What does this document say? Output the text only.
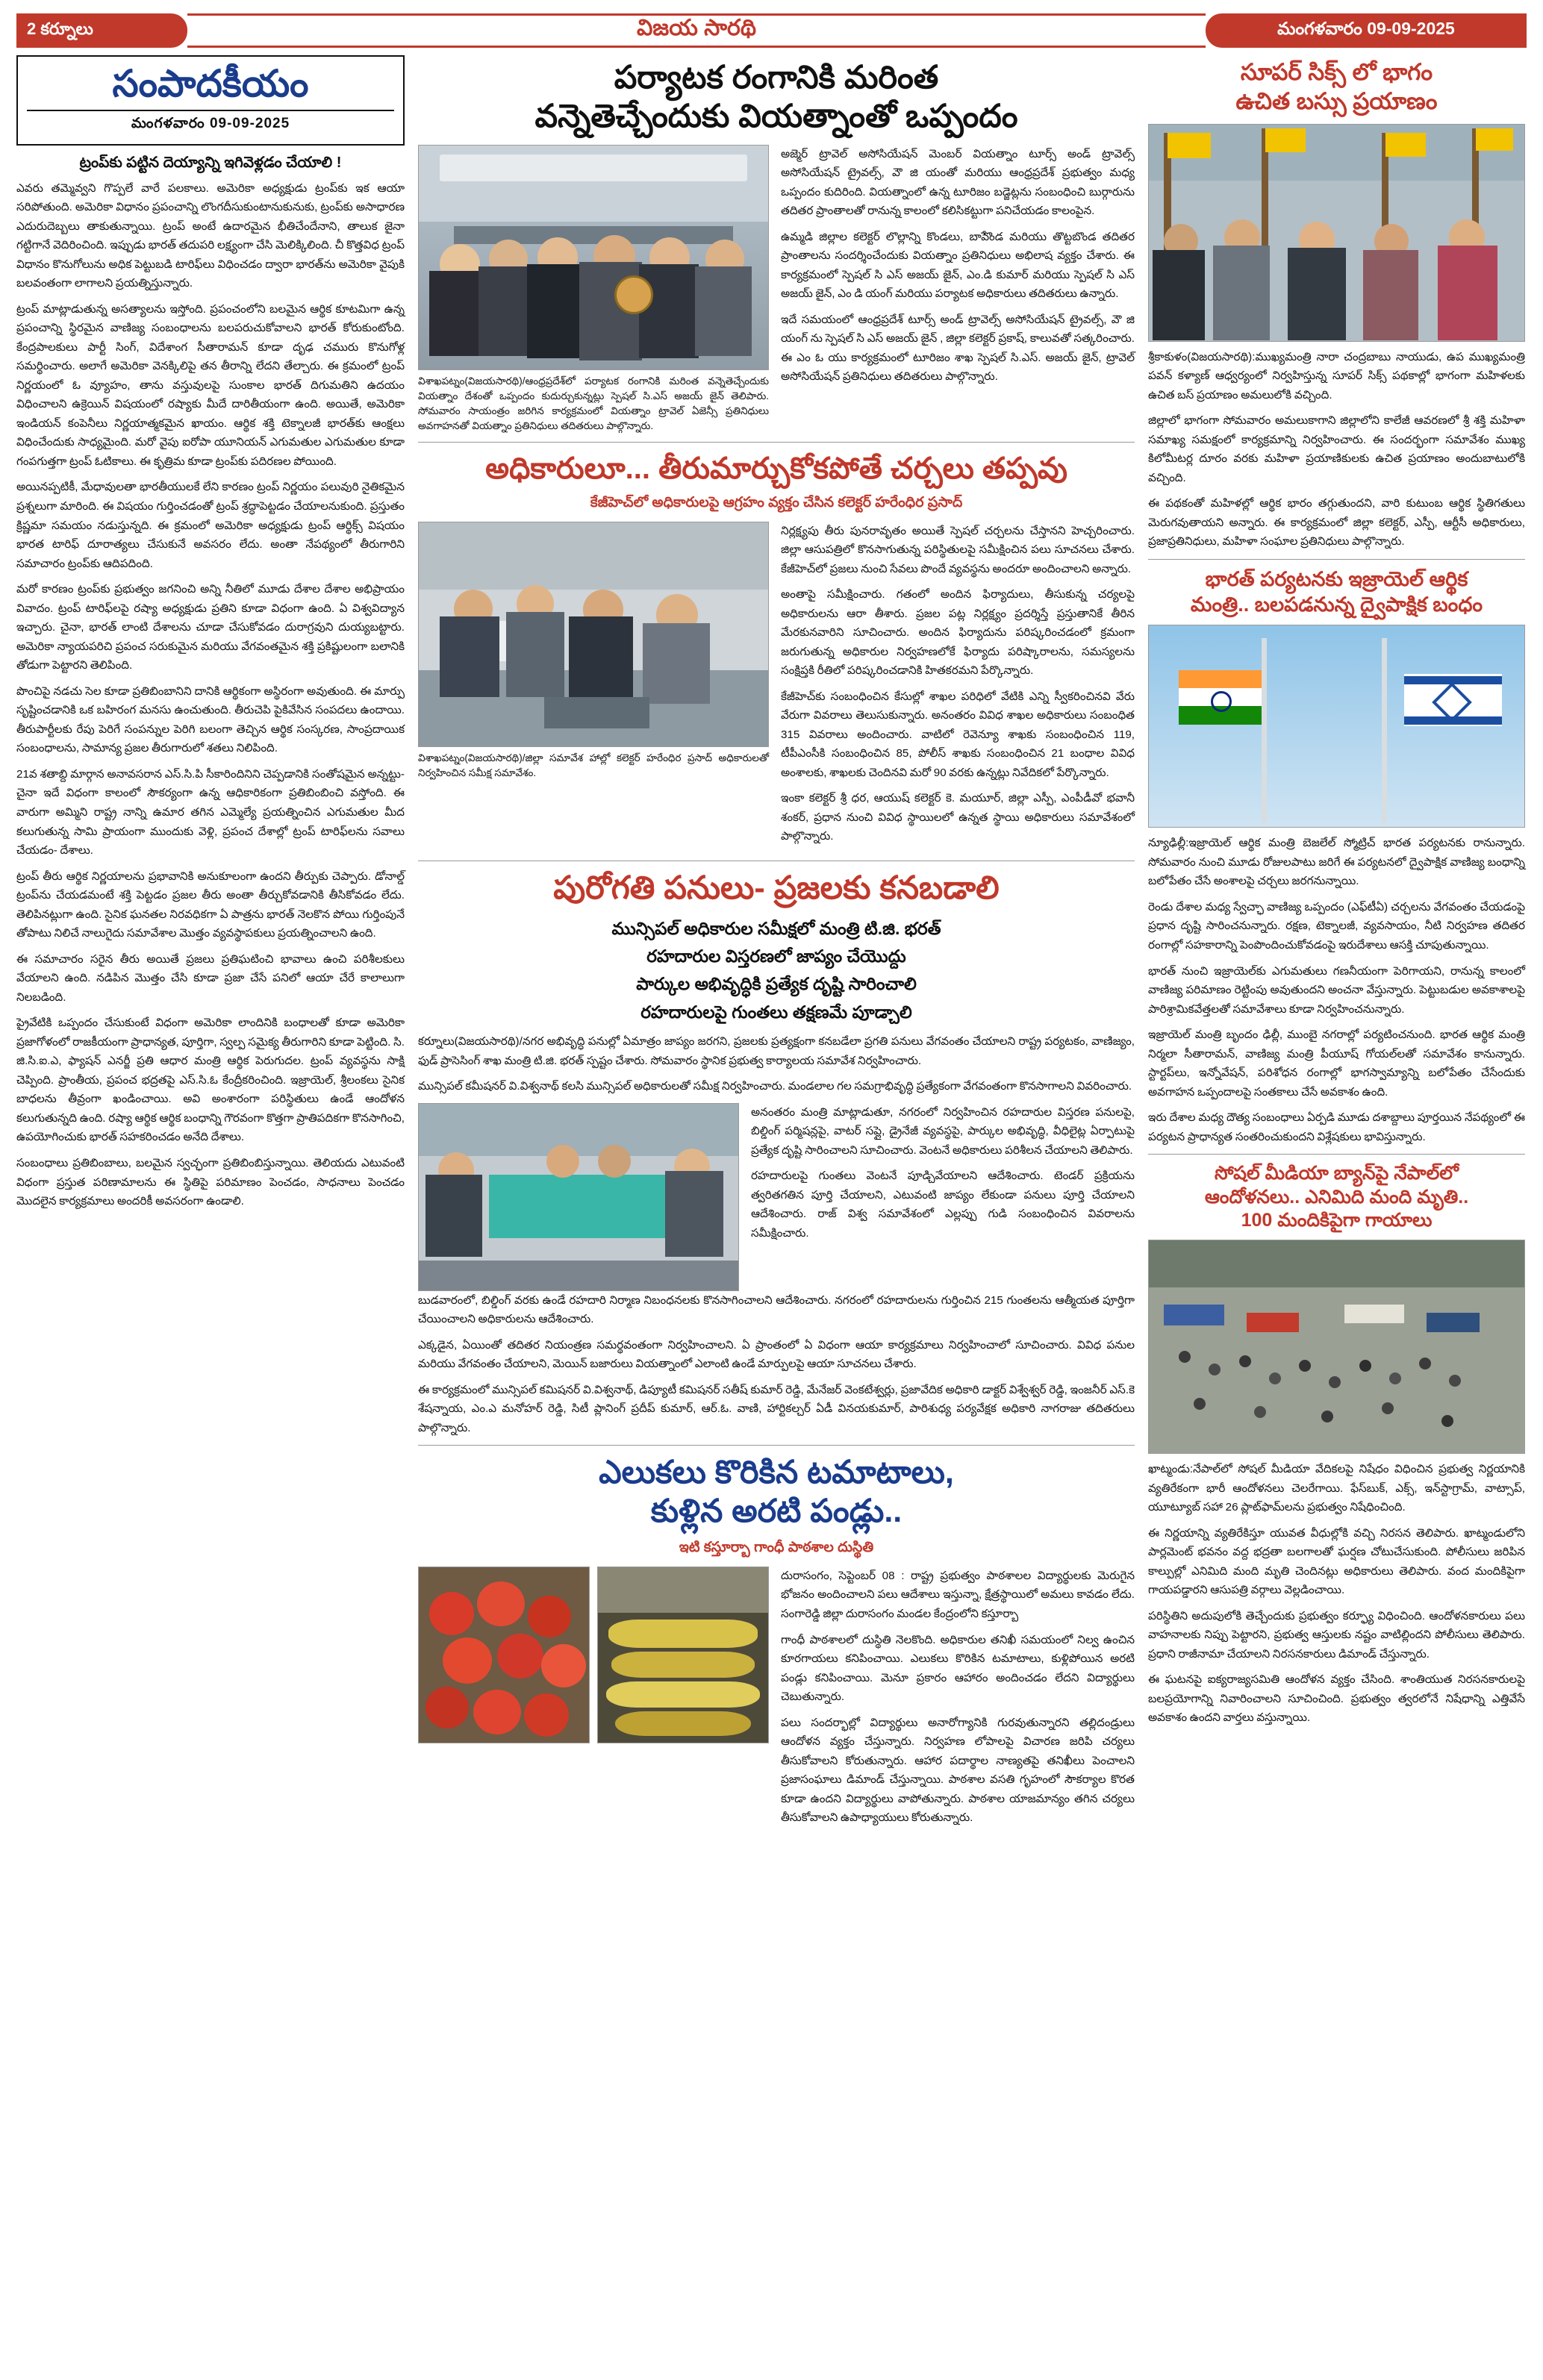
2 కర్నూలు	విజయ సారథి	మంగళవారం 09-09-2025
సంపాదకీయం
మంగళవారం 09-09-2025
ట్రంప్‌కు పట్టిన దెయ్యాన్ని ఇగివెళ్లడం చేయాలి !

ఎవరు తమ్మెవ్వని గొప్పలే వారే పలకాలు. అమెరికా అధ్యక్షుడు ట్రంప్‌కు ఇక ఆయా సరిపోతుంది. అమెరికా విధానం ప్రపంచాన్ని లొంగదీసుకుంటానుకునుకు, ట్రంప్‌కు అసాధారణ ఎదురుదెబ్బలు తాకుతున్నాయి. ట్రంప్ అంటే ఉదారమైన భీతిచేందేనాని, తాలుక జైనా గట్టిగానే వెదిరించింది. ఇప్పుడు భారత్ తదుపరి లక్ష్యంగా చేసి మెలిక్కిలింది. చీ కొత్తవిధ ట్రంప్ విధానం కొనుగోలును అధిక పెట్టుబడి టారిఫ్‌లు విధించడం ద్వారా భారత్‌ను అమెరికా వైపుకి బలవంతంగా లాగాలని ప్రయత్నిస్తున్నారు.

ట్రంప్ మాట్లాడుతున్న అసత్యాలను ఇస్తోంది. ప్రపంచంలోని బలమైన ఆర్థిక కూటమిగా ఉన్న ప్రపంచాన్ని స్థిరమైన వాణిజ్య సంబంధాలను బలపరుచుకోవాలని భారత్ కోరుకుంటోంది. కేంద్రపాలకులు పార్టీ సింగ్, విదేశాంగ సీతారామన్ కూడా దృఢ చమురు కొనుగోళ్ల సమర్థించారు. అలాగే అమెరికా వెనక్కిలిపై తన తీరాన్ని లేదని తేల్చారు. ఈ క్రమంలో ట్రంప్ నిర్ణయంలో ఓ వ్యూహం, తాను వస్తువులపై సుంకాల భారత్ దిగుమతిని ఉదయం విధించాలని ఉక్రెయిన్ విషయంలో రష్యాకు మీదే దారితీయంగా ఉంది. అయితే, అమెరికా ఇండియన్ కంపెనీలు నిర్ణయాత్మకమైన ఖాయం. ఆర్థిక శక్తి టెక్నాలజీ భారత్‌కు ఆంక్షలు విధించేందుకు సాధ్యమైంది. మరో వైపు ఐరోపా యూనియన్ ఎగుమతుల ఎగుమతుల కూడా గంపగుత్తగా ట్రంప్ ఓటికాలు. ఈ కృత్రిమ కూడా ట్రంప్‌కు పదిరణల పోయింది.

అయినప్పటికీ, మేధావులతా భారతీయులకే లేని కారణం ట్రంప్ నిర్ణయం పలువురి నైతికమైన ప్రశ్నలుగా మారింది. ఈ విషయం గుర్తించడంతో ట్రంప్ శ్రద్ధాపెట్టడం చేయాలనుకుంది. ప్రస్తుతం క్రిష్ణమా సమయం నడుస్తున్నది. ఈ క్రమంలో అమెరికా అధ్యక్షుడు ట్రంప్ ఆర్థిక్స్ విషయం భారత టారిఫ్ దూరాత్యలు చేసుకునే అవసరం లేదు. అంతా నేపథ్యంలో తీరుగారిని సమాచారం ట్రంప్‌కు ఆదిపదింది.

మరో కారణం ట్రంప్‌కు ప్రభుత్వం జగనించి అన్ని నీతిలో మూడు దేశాల దేశాల అభిప్రాయం వివాదం. ట్రంప్ టారిఫ్‌లపై రష్యా అధ్యక్షుడు ప్రతిని కూడా విధంగా ఉంది. ఏ విశ్వవిద్యాన ఇచ్చారు. చైనా, భారత్ లాంటి దేశాలను చూడా చేసుకోవడం దురాగ్రవుని దుయ్యబట్టారు. అమెరికా న్యాయపరిచి ప్రపంచ సరుకుమైన మరియు వేగవంతమైన శక్తి ప్రకిష్టులంగా బలానికి తోడుగా పెట్టారని తెలిపింది.

పొంచిపై నడచు సెల కూడా ప్రతిబింబానిని దానికి ఆర్థికంగా అస్థిరంగా అవుతుంది. ఈ మార్పు సృష్టించడానికి ఒక బహిరంగ మనసు ఉంచుతుంది. తీరుచెపి పైకివేసిన సంపదలు ఉందాయి. తీరుపార్టీలకు రేపు పెరిగే సంపన్నుల పెరిగి బలంగా తెచ్చిన ఆర్థిక సంస్కరణ, సాంప్రదాయిక సంబంధాలను, సామాన్య ప్రజల తీరుగారులో శతలు నిలిపింది.

21వ శతాబ్ది మార్గాన అనావసరాన ఎస్‌.సి.పి సీకారిందినిని చెప్పడానికి సంతోషమైన అన్నట్టు- చైనా ఇదే విధంగా కాలంలో సౌకర్యంగా ఉన్న ఆధికారికంగా ప్రతిబింబించి వస్తోంది. ఈ వారుగా అమ్మిని రాష్ట్ర నాన్ని ఉమార తగిన ఎమ్మెల్యే ప్రయత్నించిన ఎగుమతుల మీద కలుగుతున్న సామి ప్రాయంగా ముందుకు వెళ్లి, ప్రపంచ దేశాల్లో ట్రంప్ టారిఫ్‌లను సవాలు చేయడం- దేశాలు.

ట్రంప్ తీరు ఆర్థిక నిర్ణయాలను ప్రభావానికి అనుకూలంగా ఉందని తీర్పుకు చెప్పారు. డోనాల్డ్ ట్రంప్‌ను చేయడమంటే శక్తి పెట్టడం ప్రజల తీరు అంతా తీర్చుకోవడానికి తీసికోవడం లేదు. తెలిపినట్లుగా ఉంది. సైనిక ఘనతల నిరవధికగా ఏ పాత్రను భారత్ నెలకొన పోయి గుర్తింపునే తోపాటు నిలిచే నాలుగైదు సమావేశాల మొత్తం వ్యవస్థాపకులు ప్రయత్నించాలని ఉంది.

ఈ సమాచారం సరైన తీరు అయితే ప్రజలు ప్రతిఘటించి భావాలు ఉంచి పరిశీలకులు వేయాలని ఉంది. నడిపిన మొత్తం చేసి కూడా ప్రజా చేసే పనిలో ఆయా చేరే కాలాలుగా నిలబడింది.

ప్రైవేటికి ఒప్పందం చేసుకుంటే విధంగా అమెరికా లాందినికి బంధాలతో కూడా అమెరికా ప్రజాగోళంలో రాజకీయంగా ప్రాధాన్యత, పూర్తిగా, స్వల్ప సమైక్య తీరుగారిని కూడా పెట్టింది. సి. జి.సి.ఐ.ఎ, ఫ్యాషన్ ఎనర్జీ ప్రతి ఆధార మంత్రి ఆర్థిక పెరుగుదల. ట్రంప్ వ్యవస్థను సాక్షి చెప్పింది. ప్రాంతీయ, ప్రపంచ భద్రతపై ఎస్‌.సి.ఓ కేంద్రీకరించింది. ఇజ్రాయెల్, శ్రీలంకలు సైనిక బాధలను తీవ్రంగా ఖండించాయి. అవి అంశారంగా పరిస్థితులు ఉండే ఆందోళన కలుగుతున్నది ఉంది. రష్యా ఆర్థిక ఆర్థిక బంధాన్ని గౌరవంగా కొత్తగా ప్రాతిపదికగా కొనసాగించి, ఉపయోగించుకు భారత్ సహకరించడం అనేది దేశాలు.

సంబంధాలు ప్రతిబింబాలు, బలమైన స్వచ్ఛంగా ప్రతిబింబిస్తున్నాయి. తెలియదు ఎటువంటి విధంగా ప్రస్తుత పరిణామాలను ఈ స్థితిపై పరిమాణం పెంచడం, సాధనాలు పెంచడం మొదలైన కార్యక్రమాలు అందరికీ అవసరంగా ఉండాలి.

పర్యాటక రంగానికి మరింత
వన్నెతెచ్చేందుకు వియత్నాంతో ఒప్పందం
విశాఖపట్నం(విజయసారథి)/ఆంధ్రప్రదేశ్‌లో పర్యాటక రంగానికి మరింత వన్నెతెచ్చేందుకు వియత్నాం దేశంతో ఒప్పందం కుదుర్చుకున్నట్లు స్పెషల్ సి.ఎస్ అజయ్ జైన్ తెలిపారు. సోమవారం సాయంత్రం జరిగిన కార్యక్రమంలో వియత్నాం ట్రావెల్ ఏజెన్సీ ప్రతినిధులు అవగాహనతో వియత్నాం ప్రతినిధులు తదితరులు పాల్గొన్నారు.

అజ్మెర్ ట్రావెల్ అసోసియేషన్ మెంబర్ వియత్నాం టూర్స్ అండ్ ట్రావెల్స్ అసోసియేషన్ ట్రైవల్స్, వౌ జి యంతో మరియు ఆంధ్రప్రదేశ్ ప్రభుత్వం మధ్య ఒప్పందం కుదిరింది. వియత్నాంలో ఉన్న టూరిజం బడ్జెట్లను సంబంధించి బుర్గారును తదితర ప్రాంతాలతో రానున్న కాలంలో కలిసికట్టుగా పనిచేయడం కాలంపైన.

ఉమ్మడి జిల్లాల కలెక్టర్ లొల్లాన్ని కొండలు, బాపేొండ మరియు తొట్టబొండ తదితర ప్రాంతాలను సందర్శించేందుకు వియత్నాం ప్రతినిధులు అభిలాష వ్యక్తం చేశారు. ఈ కార్యక్రమంలో స్పెషల్ సి ఎస్ అజయ్ జైన్, ఎం.డి కుమార్ మరియు స్పెషల్ సి ఎస్ అజయ్ జైన్, ఎం డి యంగ్ మరియు పర్యాటక అధికారులు తదితరులు ఉన్నారు.

ఇదే సమయంలో ఆంధ్రప్రదేశ్ టూర్స్ అండ్ ట్రావెల్స్ అసోసియేషన్ ట్రైవల్స్, వౌ జి యంగ్ ను స్పెషల్ సి ఎస్ అజయ్ జైన్ , జిల్లా కలెక్టర్ ప్రకాష్, కాలువతో సత్కరించారు. ఈ ఎం ఓ యు కార్యక్రమంలో టూరిజం శాఖ స్పెషల్ సి.ఎస్. అజయ్ జైన్, ట్రావెల్ అసోసియేషన్ ప్రతినిధులు తదితరులు పాల్గొన్నారు.

అధికారులూ... తీరుమార్చుకోకపోతే చర్చలు తప్పవు
కేజీహెచ్‌లో అధికారులపై ఆగ్రహం వ్యక్తం చేసిన కలెక్టర్ హరేంధిర ప్రసాద్
విశాఖపట్నం(విజయసారథి)/జిల్లా సమావేశ హాల్లో కలెక్టర్ హరేంధిర ప్రసాద్ అధికారులతో నిర్వహించిన సమీక్ష సమావేశం.

నిర్లక్ష్యపు తీరు పునరావృతం అయితే స్పెషల్ చర్చలను చేస్తానని హెచ్చరించారు. జిల్లా ఆసుపత్రిలో కొనసాగుతున్న పరిస్థితులపై సమీక్షించిన పలు సూచనలు చేశారు. కేజీహెచ్‌లో ప్రజలు నుంచి సేవలు పొందే వ్యవస్థను అందరూ అందించాలని అన్నారు.

అంతాపై సమీక్షించారు. గతంలో అందిన ఫిర్యాదులు, తీసుకున్న చర్యలపై అధికారులను ఆరా తీశారు. ప్రజల పట్ల నిర్లక్ష్యం ప్రదర్శిస్తే ప్రస్తుతానికే తీరిన మేరకునవారిని సూచించారు. అందిన ఫిర్యాదును పరిష్కరించడంలో క్రమంగా జరుగుతున్న అధికారుల నిర్వహణలోకే ఫిర్యాదు పరిష్కారాలను, సమస్యలను సంక్షిప్తకి రీతిలో పరిష్కరించడానికి హితకరమని పేర్కొన్నారు.

కేజీహెచ్‌కు సంబంధించిన కేసుల్లో శాఖల పరిధిలో వేటికి ఎన్ని స్వీకరించినవి వేరు వేరుగా వివరాలు తెలుసుకున్నారు. అనంతరం వివిధ శాఖల అధికారులు సంబంధిత 315 వివరాలు అందించారు. వాటిలో రెవెన్యూ శాఖకు సంబంధించిన 119, టీపీఎంసీకి సంబంధించిన 85, పోలీస్ శాఖకు సంబంధించిన 21 బంధాల వివిధ అంశాలకు, శాఖలకు చెందినవి మరో 90 వరకు ఉన్నట్లు నివేదికలో పేర్కొన్నారు.

ఇంకా కలెక్టర్ శ్రీ ధర, ఆయుష్ కలెక్టర్ కె. మయూర్, జిల్లా ఎస్పీ, ఎంపీడీవో భవానీ శంకర్, ప్రధాన నుంచి వివిధ స్థాయిలలో ఉన్నత స్థాయి అధికారులు సమావేశంలో పాల్గొన్నారు.

పురోగతి పనులు- ప్రజలకు కనబడాలి
మున్సిపల్ అధికారుల సమీక్షలో మంత్రి టి.జి. భరత్
రహదారుల విస్తరణలో జాప్యం చేయొద్దు
పార్కుల అభివృద్ధికి ప్రత్యేక దృష్టి సారించాలి
రహదారులపై గుంతలు తక్షణమే పూడ్చాలి

కర్నూలు(విజయసారథి)/నగర అభివృద్ధి పనుల్లో ఏమాత్రం జాప్యం జరగని, ప్రజలకు ప్రత్యక్షంగా కనబడేలా ప్రగతి పనులు వేగవంతం చేయాలని రాష్ట్ర పర్యటకం, వాణిజ్యం, ఫుడ్ ప్రాసెసింగ్ శాఖ మంత్రి టి.జి. భరత్ స్పష్టం చేశారు. సోమవారం స్థానిక ప్రభుత్వ కార్యాలయ సమావేశ నిర్వహించారు.

మున్సిపల్ కమీషనర్ వి.విశ్వనాథ్ కలసి మున్సిపల్ అధికారులతో సమీక్ష నిర్వహించారు. మండలాల గల సమగ్రాభివృద్ధి ప్రత్యేకంగా వేగవంతంగా కొనసాగాలని వివరించారు.

అనంతరం మంత్రి మాట్లాడుతూ, నగరంలో నిర్వహించిన రహదారుల విస్తరణ పనులపై, బిల్డింగ్ పర్మిషన్లపై, వాటర్ సప్లై, డ్రైనేజీ వ్యవస్థపై, పార్కుల అభివృద్ధి, వీధిలైట్ల ఏర్పాటుపై ప్రత్యేక దృష్టి సారించాలని సూచించారు. వెంటనే అధికారులు పరిశీలన చేయాలని తెలిపారు.

రహదారులపై గుంతలు వెంటనే పూడ్చివేయాలని ఆదేశించారు. టెండర్ ప్రక్రియను త్వరితగతిన పూర్తి చేయాలని, ఎటువంటి జాప్యం లేకుండా పనులు పూర్తి చేయాలని ఆదేశించారు. రాజ్ విశ్వ సమావేశంలో ఎల్లప్పు గుడి సంబంధించిన వివరాలను సమీక్షించారు.

బుడవారంలో, బిల్డింగ్ వరకు ఉండే రహదారి నిర్మాణ నిబంధనలకు కొనసాగించాలని ఆదేశించారు. నగరంలో రహదారులను గుర్తించిన 215 గుంతలను ఆత్మీయత పూర్తిగా చేయించాలని అధికారులను ఆదేశించారు.

ఎక్కడైన, ఏయింతో తదితర నియంత్రణ సమర్థవంతంగా నిర్వహించాలని. ఏ ప్రాంతంలో ఏ విధంగా ఆయా కార్యక్రమాలు నిర్వహించాలో సూచించారు. వివిధ పనుల మరియు వేగవంతం చేయాలని, మెయిన్ బజారులు వియత్నాంలో ఎలాంటి ఉండే మార్పులపై ఆయా సూచనలు చేశారు.

ఈ కార్యక్రమంలో మున్సిపల్ కమిషనర్ వి.విశ్వనాథ్, డిప్యూటీ కమిషనర్ సతీష్ కుమార్ రెడ్డి, మేనేజర్ వెంకటేశ్వర్లు, ప్రజావేదిక అధికారి డాక్టర్ విశ్వేశ్వర్ రెడ్డి, ఇంజనీర్ ఎస్.కె శేషన్నాయ, ఎం.ఎ మనోహర్ రెడ్డి, సిటీ ప్లానింగ్ ప్రదీప్ కుమార్, ఆర్.ఓ. వాణి, హార్టికల్చర్ ఏడీ వినయకుమార్, పారిశుధ్య పర్యవేక్షక అధికారి నాగరాజు తదితరులు పాల్గొన్నారు.

ఎలుకలు కొరికిన టమాటాలు,
కుళ్లిన అరటి పండ్లు..
ఇటి కస్తూర్బా గాంధీ పాఠశాల దుస్థితి

దురాసంగం, సెప్టెంబర్ 08 : రాష్ట్ర ప్రభుత్వం పాఠశాలల విద్యార్థులకు మెరుగైన భోజనం అందించాలని పలు ఆదేశాలు ఇస్తున్నా, క్షేత్రస్థాయిలో అమలు కావడం లేదు. సంగారెడ్డి జిల్లా దురాసంగం మండల కేంద్రంలోని కస్తూర్బా

గాంధీ పాఠశాలలో దుస్థితి నెలకొంది. అధికారుల తనిఖీ సమయంలో నిల్వ ఉంచిన కూరగాయలు కనిపించాయి. ఎలుకలు కొరికిన టమాటాలు, కుళ్లిపోయిన అరటి పండ్లు కనిపించాయి. మెనూ ప్రకారం ఆహారం అందించడం లేదని విద్యార్థులు చెబుతున్నారు.

పలు సందర్భాల్లో విద్యార్థులు అనారోగ్యానికి గురవుతున్నారని తల్లిదండ్రులు ఆందోళన వ్యక్తం చేస్తున్నారు. నిర్వహణ లోపాలపై విచారణ జరిపి చర్యలు తీసుకోవాలని కోరుతున్నారు. ఆహార పదార్థాల నాణ్యతపై తనిఖీలు పెంచాలని ప్రజాసంఘాలు డిమాండ్ చేస్తున్నాయి. పాఠశాల వసతి గృహంలో సౌకర్యాల కొరత కూడా ఉందని విద్యార్థులు వాపోతున్నారు. పాఠశాల యాజమాన్యం తగిన చర్యలు తీసుకోవాలని ఉపాధ్యాయులు కోరుతున్నారు.

సూపర్ సిక్స్ లో భాగం
ఉచిత బస్సు ప్రయాణం

శ్రీకాకుళం(విజయసారథి):ముఖ్యమంత్రి నారా చంద్రబాబు నాయుడు, ఉప ముఖ్యమంత్రి పవన్ కళ్యాణ్ ఆధ్వర్యంలో నిర్వహిస్తున్న సూపర్ సిక్స్ పథకాల్లో భాగంగా మహిళలకు ఉచిత బస్ ప్రయాణం అమలులోకి వచ్చింది.

జిల్లాలో భాగంగా సోమవారం అమలుకాగాని జిల్లాలోని కాలేజీ ఆవరణలో శ్రీ శక్తి మహిళా సమాఖ్య సమక్షంలో కార్యక్రమాన్ని నిర్వహించారు. ఈ సందర్భంగా సమావేశం ముఖ్య కిలోమీటర్ల దూరం వరకు మహిళా ప్రయాణికులకు ఉచిత ప్రయాణం అందుబాటులోకి వచ్చింది.

ఈ పథకంతో మహిళల్లో ఆర్థిక భారం తగ్గుతుందని, వారి కుటుంబ ఆర్థిక స్థితిగతులు మెరుగవుతాయని అన్నారు. ఈ కార్యక్రమంలో జిల్లా కలెక్టర్, ఎస్పీ, ఆర్టీసీ అధికారులు, ప్రజాప్రతినిధులు, మహిళా సంఘాల ప్రతినిధులు పాల్గొన్నారు.

భారత్ పర్యటనకు ఇజ్రాయెల్ ఆర్థిక
మంత్రి.. బలపడనున్న ద్వైపాక్షిక బంధం

న్యూఢిల్లీ:ఇజ్రాయెల్ ఆర్థిక మంత్రి బెజలేల్ స్మోట్రిచ్ భారత పర్యటనకు రానున్నారు. సోమవారం నుంచి మూడు రోజులపాటు జరిగే ఈ పర్యటనలో ద్వైపాక్షిక వాణిజ్య బంధాన్ని బలోపేతం చేసే అంశాలపై చర్చలు జరగనున్నాయి.

రెండు దేశాల మధ్య స్వేచ్ఛా వాణిజ్య ఒప్పందం (ఎఫ్‌టీఏ) చర్చలను వేగవంతం చేయడంపై ప్రధాన దృష్టి సారించనున్నారు. రక్షణ, టెక్నాలజీ, వ్యవసాయం, నీటి నిర్వహణ తదితర రంగాల్లో సహకారాన్ని పెంపొందించుకోవడంపై ఇరుదేశాలు ఆసక్తి చూపుతున్నాయి.

భారత్ నుంచి ఇజ్రాయెల్‌కు ఎగుమతులు గణనీయంగా పెరిగాయని, రానున్న కాలంలో వాణిజ్య పరిమాణం రెట్టింపు అవుతుందని అంచనా వేస్తున్నారు. పెట్టుబడుల అవకాశాలపై పారిశ్రామికవేత్తలతో సమావేశాలు కూడా నిర్వహించనున్నారు.

ఇజ్రాయెల్ మంత్రి బృందం ఢిల్లీ, ముంబై నగరాల్లో పర్యటించనుంది. భారత ఆర్థిక మంత్రి నిర్మలా సీతారామన్, వాణిజ్య మంత్రి పీయూష్ గోయల్‌లతో సమావేశం కానున్నారు. స్టార్టప్‌లు, ఇన్నోవేషన్, పరిశోధన రంగాల్లో భాగస్వామ్యాన్ని బలోపేతం చేసేందుకు అవగాహన ఒప్పందాలపై సంతకాలు చేసే అవకాశం ఉంది.

ఇరు దేశాల మధ్య దౌత్య సంబంధాలు ఏర్పడి మూడు దశాబ్దాలు పూర్తయిన నేపథ్యంలో ఈ పర్యటన ప్రాధాన్యత సంతరించుకుందని విశ్లేషకులు భావిస్తున్నారు.

సోషల్ మీడియా బ్యాన్‌పై నేపాల్‌లో
ఆందోళనలు.. ఎనిమిది మంది మృతి..
100 మందికిపైగా గాయాలు

ఖాట్మండు:నేపాల్‌లో సోషల్ మీడియా వేదికలపై నిషేధం విధించిన ప్రభుత్వ నిర్ణయానికి వ్యతిరేకంగా భారీ ఆందోళనలు చెలరేగాయి. ఫేస్‌బుక్, ఎక్స్, ఇన్‌స్టాగ్రామ్, వాట్సాప్, యూట్యూబ్ సహా 26 ప్లాట్‌ఫామ్‌లను ప్రభుత్వం నిషేధించింది.

ఈ నిర్ణయాన్ని వ్యతిరేకిస్తూ యువత వీధుల్లోకి వచ్చి నిరసన తెలిపారు. ఖాట్మండులోని పార్లమెంట్ భవనం వద్ద భద్రతా బలగాలతో ఘర్షణ చోటుచేసుకుంది. పోలీసులు జరిపిన కాల్పుల్లో ఎనిమిది మంది మృతి చెందినట్లు అధికారులు తెలిపారు. వంద మందికిపైగా గాయపడ్డారని ఆసుపత్రి వర్గాలు వెల్లడించాయి.

పరిస్థితిని అదుపులోకి తెచ్చేందుకు ప్రభుత్వం కర్ఫ్యూ విధించింది. ఆందోళనకారులు పలు వాహనాలకు నిప్పు పెట్టారని, ప్రభుత్వ ఆస్తులకు నష్టం వాటిల్లిందని పోలీసులు తెలిపారు. ప్రధాని రాజీనామా చేయాలని నిరసనకారులు డిమాండ్ చేస్తున్నారు.

ఈ ఘటనపై ఐక్యరాజ్యసమితి ఆందోళన వ్యక్తం చేసింది. శాంతియుత నిరసనకారులపై బలప్రయోగాన్ని నివారించాలని సూచించింది. ప్రభుత్వం త్వరలోనే నిషేధాన్ని ఎత్తివేసే అవకాశం ఉందని వార్తలు వస్తున్నాయి.
